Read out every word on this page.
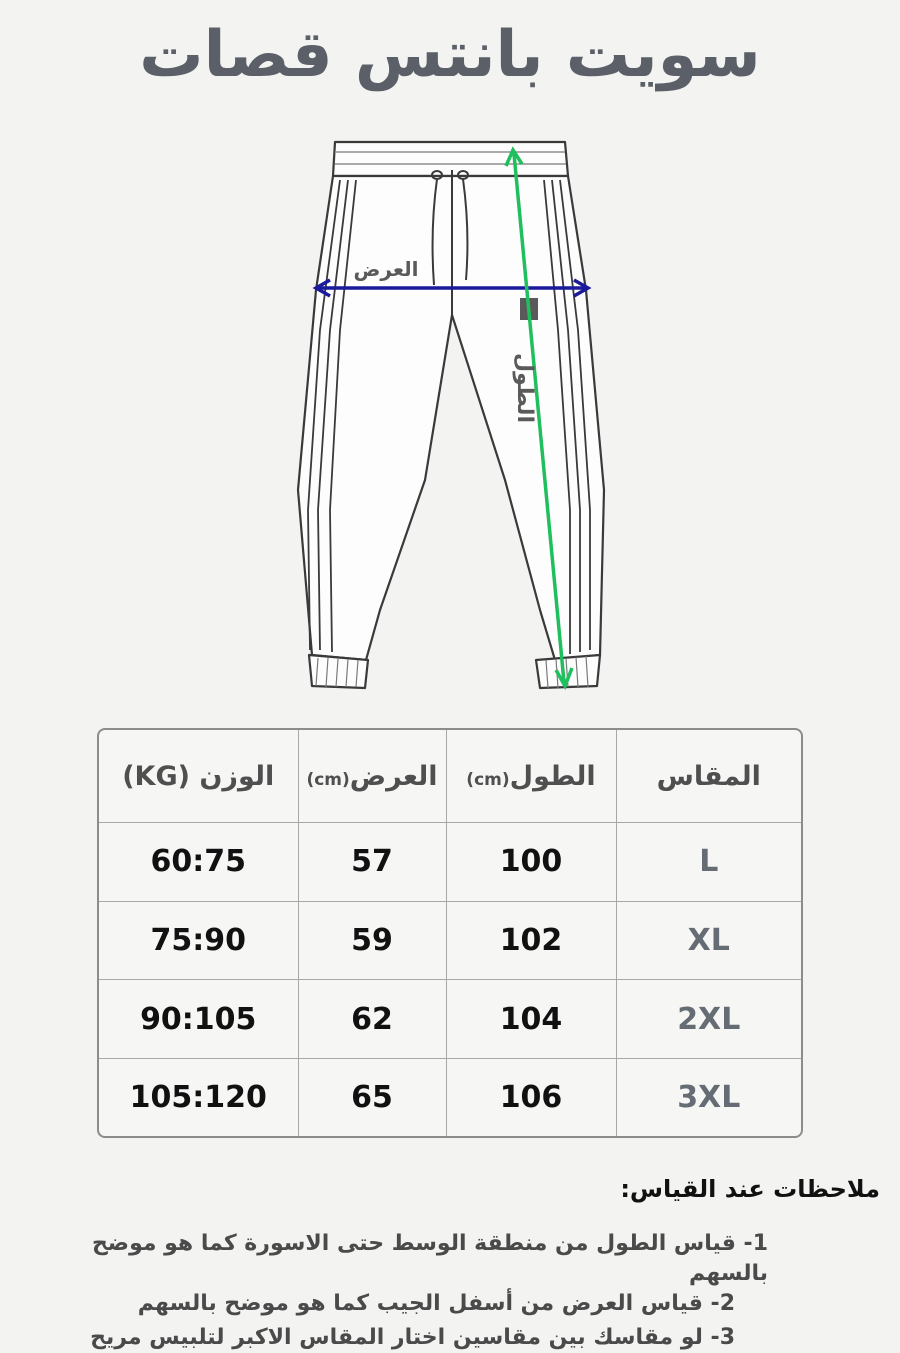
سويت بانتس قصات
العرض
الطول
المقاس	الطول(cm)	العرض(cm)	الوزن (KG)
L	100	57	60:75
XL	102	59	75:90
2XL	104	62	90:105
3XL	106	65	105:120
ملاحظات عند القياس:
1- قياس الطول من منطقة الوسط حتى الاسورة كما هو موضح بالسهم
2- قياس العرض من أسفل الجيب كما هو موضح بالسهم
3- لو مقاسك بين مقاسين اختار المقاس الاكبر لتلبيس مريح
